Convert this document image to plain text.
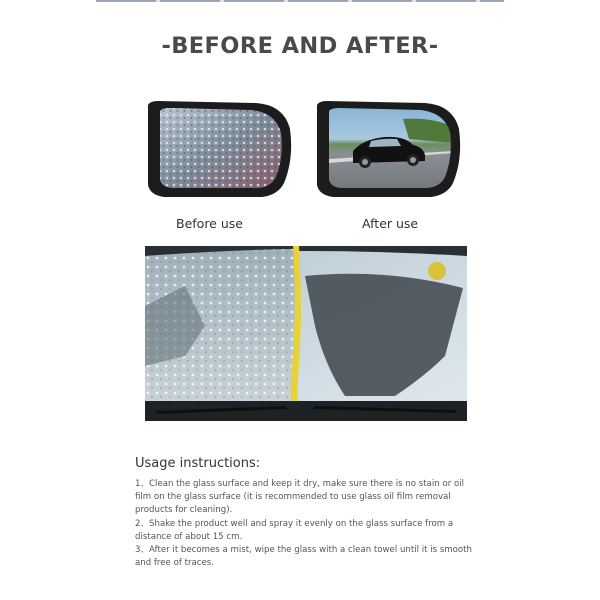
-BEFORE AND AFTER-
Before use	After use
Usage instructions:

1、Clean the glass surface and keep it dry, make sure there is no stain or oil film on the glass surface (it is recommended to use glass oil film removal products for cleaning).

2、Shake the product well and spray it evenly on the glass surface from a distance of about 15 cm.

3、After it becomes a mist, wipe the glass with a clean towel until it is smooth and free of traces.
